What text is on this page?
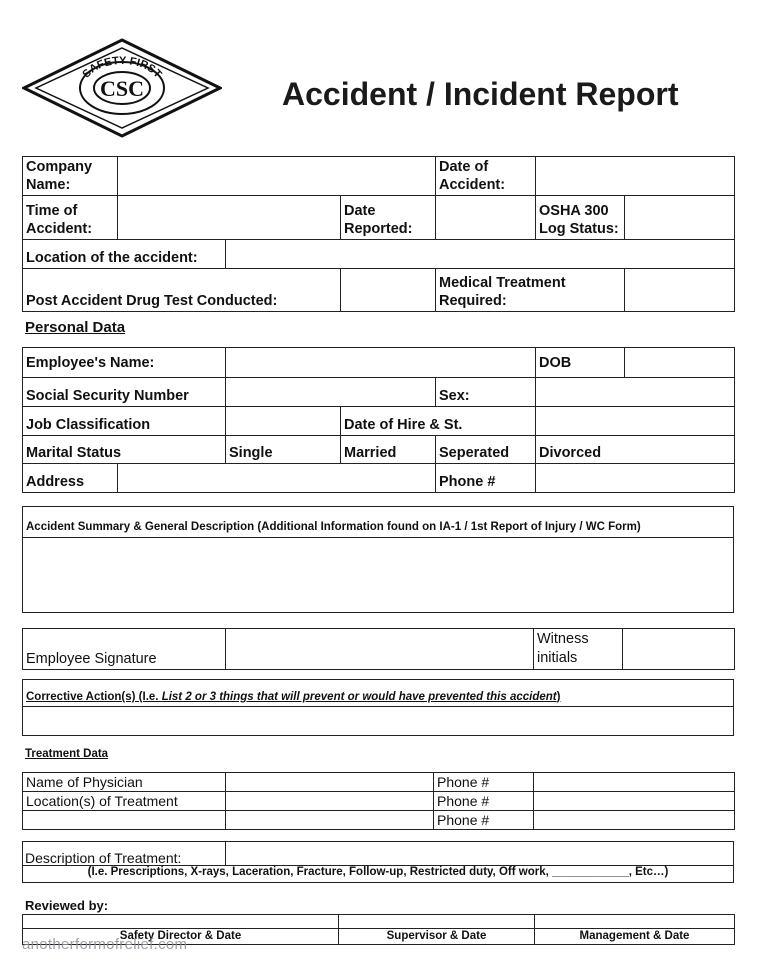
SAFETY FIRST
CSC	Accident / Incident Report
Company Name:				Date of Accident:		
Time of Accident:			Date Reported:		OSHA 300 Log Status:	
Location of the accident:						
Post Accident Drug Test Conducted:				Medical Treatment Required:		
Personal Data
Employee's Name:					DOB	
Social Security Number				Sex:		
Job Classification			Date of Hire & St.			
Marital Status		Single	Married	Seperated	Divorced	
Address				Phone #		
Accident Summary & General Description (Additional Information found on IA-1 / 1st Report of Injury / WC Form)
Employee Signature		Witness initials	
Corrective Action(s) (I.e. List 2 or 3 things that will prevent or would have prevented this accident)
Treatment Data
Name of Physician		Phone #	
Location(s) of Treatment		Phone #	
		Phone #	
Description of Treatment:
(I.e. Prescriptions, X-rays, Laceration, Fracture, Follow-up, Restricted duty, Off work, ____________, Etc…)
Reviewed by:

Safety Director & Date	Supervisor & Date	Management & Date
anotherformofrelief.com
